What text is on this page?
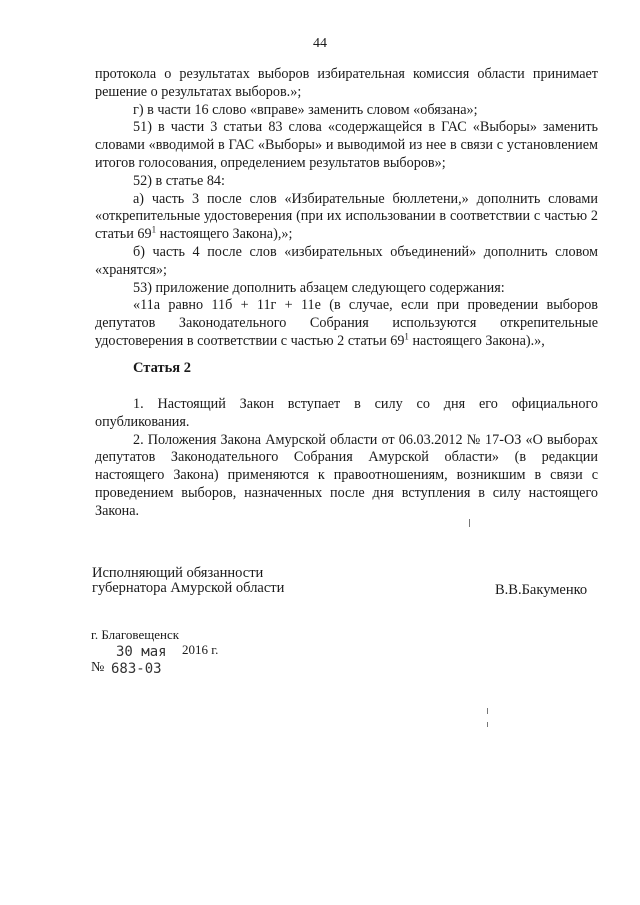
44

протокола о результатах выборов избирательная комиссия области принимает решение о результатах выборов.»;

г) в части 16 слово «вправе» заменить словом «обязана»;

51) в части 3 статьи 83 слова «содержащейся в ГАС «Выборы» заменить словами «вводимой в ГАС «Выборы» и выводимой из нее в связи с установлением итогов голосования, определением результатов выборов»;

52) в статье 84:

а) часть 3 после слов «Избирательные бюллетени,» дополнить словами «открепительные удостоверения (при их использовании в соответствии с частью 2 статьи $69^1$ настоящего Закона),»;

б) часть 4 после слов «избирательных объединений» дополнить словом «хранятся»;

53) приложение дополнить абзацем следующего содержания:

«11а равно 11б + 11г + 11е (в случае, если при проведении выборов депутатов Законодательного Собрания используются открепительные удостоверения в соответствии с частью 2 статьи $69^1$ настоящего Закона).»,

Статья 2

1. Настоящий Закон вступает в силу со дня его официального опубликования.

2. Положения Закона Амурской области от 06.03.2012 № 17-ОЗ «О выборах депутатов Законодательного Собрания Амурской области» (в редакции настоящего Закона) применяются к правоотношениям, возникшим в связи с проведением выборов, назначенных после дня вступления в силу настоящего Закона.

Исполняющий обязанности
губернатора Амурской области	В.В.Бакуменко
г. Благовещенск
30 мая 2016 г.
№ 683-03
